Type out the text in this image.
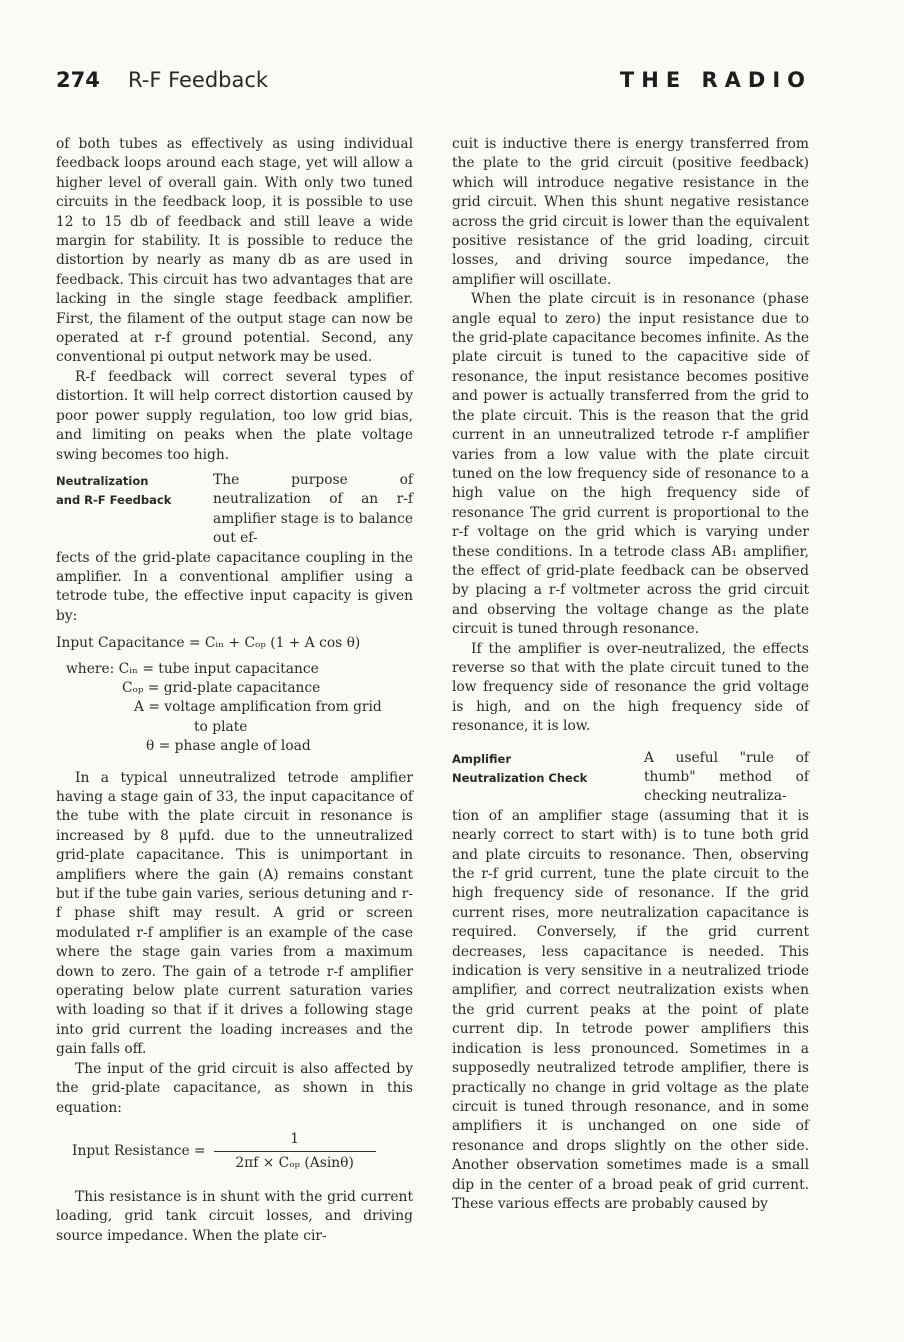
274 R-F Feedback	THE RADIO

of both tubes as effectively as using individual feedback loops around each stage, yet will allow a higher level of overall gain. With only two tuned circuits in the feedback loop, it is possible to use 12 to 15 db of feedback and still leave a wide margin for stability. It is possible to reduce the distortion by nearly as many db as are used in feedback. This circuit has two advantages that are lacking in the single stage feedback amplifier. First, the filament of the output stage can now be operated at r-f ground potential. Second, any conventional pi output network may be used.

R-f feedback will correct several types of distortion. It will help correct distortion caused by poor power supply regulation, too low grid bias, and limiting on peaks when the plate voltage swing becomes too high.

Neutralization
and R-F Feedback

The purpose of neutralization of an r-f amplifier stage is to balance out ef-

fects of the grid-plate capacitance coupling in the amplifier. In a conventional amplifier using a tetrode tube, the effective input capacity is given by:

Input Capacitance = Cᵢₙ + Cₒₚ (1 + A cos θ)
where: Cᵢₙ = tube input capacitance
Cₒₚ = grid-plate capacitance
A = voltage amplification from grid
to plate
θ = phase angle of load

In a typical unneutralized tetrode amplifier having a stage gain of 33, the input capacitance of the tube with the plate circuit in resonance is increased by 8 μμfd. due to the unneutralized grid-plate capacitance. This is unimportant in amplifiers where the gain (A) remains constant but if the tube gain varies, serious detuning and r-f phase shift may result. A grid or screen modulated r-f amplifier is an example of the case where the stage gain varies from a maximum down to zero. The gain of a tetrode r-f amplifier operating below plate current saturation varies with loading so that if it drives a following stage into grid current the loading increases and the gain falls off.

The input of the grid circuit is also affected by the grid-plate capacitance, as shown in this equation:

Input Resistance = $\frac{1}{\text{2πf × Cₒₚ (Asinθ)}}$

This resistance is in shunt with the grid current loading, grid tank circuit losses, and driving source impedance. When the plate cir-

cuit is inductive there is energy transferred from the plate to the grid circuit (positive feedback) which will introduce negative resistance in the grid circuit. When this shunt negative resistance across the grid circuit is lower than the equivalent positive resistance of the grid loading, circuit losses, and driving source impedance, the amplifier will oscillate.

When the plate circuit is in resonance (phase angle equal to zero) the input resistance due to the grid-plate capacitance becomes infinite. As the plate circuit is tuned to the capacitive side of resonance, the input resistance becomes positive and power is actually transferred from the grid to the plate circuit. This is the reason that the grid current in an unneutralized tetrode r-f amplifier varies from a low value with the plate circuit tuned on the low frequency side of resonance to a high value on the high frequency side of resonance The grid current is proportional to the r-f voltage on the grid which is varying under these conditions. In a tetrode class AB₁ amplifier, the effect of grid-plate feedback can be observed by placing a r-f voltmeter across the grid circuit and observing the voltage change as the plate circuit is tuned through resonance.

If the amplifier is over-neutralized, the effects reverse so that with the plate circuit tuned to the low frequency side of resonance the grid voltage is high, and on the high frequency side of resonance, it is low.

Amplifier
Neutralization Check

A useful "rule of thumb" method of checking neutraliza-

tion of an amplifier stage (assuming that it is nearly correct to start with) is to tune both grid and plate circuits to resonance. Then, observing the r-f grid current, tune the plate circuit to the high frequency side of resonance. If the grid current rises, more neutralization capacitance is required. Conversely, if the grid current decreases, less capacitance is needed. This indication is very sensitive in a neutralized triode amplifier, and correct neutralization exists when the grid current peaks at the point of plate current dip. In tetrode power amplifiers this indication is less pronounced. Sometimes in a supposedly neutralized tetrode amplifier, there is practically no change in grid voltage as the plate circuit is tuned through resonance, and in some amplifiers it is unchanged on one side of resonance and drops slightly on the other side. Another observation sometimes made is a small dip in the center of a broad peak of grid current. These various effects are probably caused by
